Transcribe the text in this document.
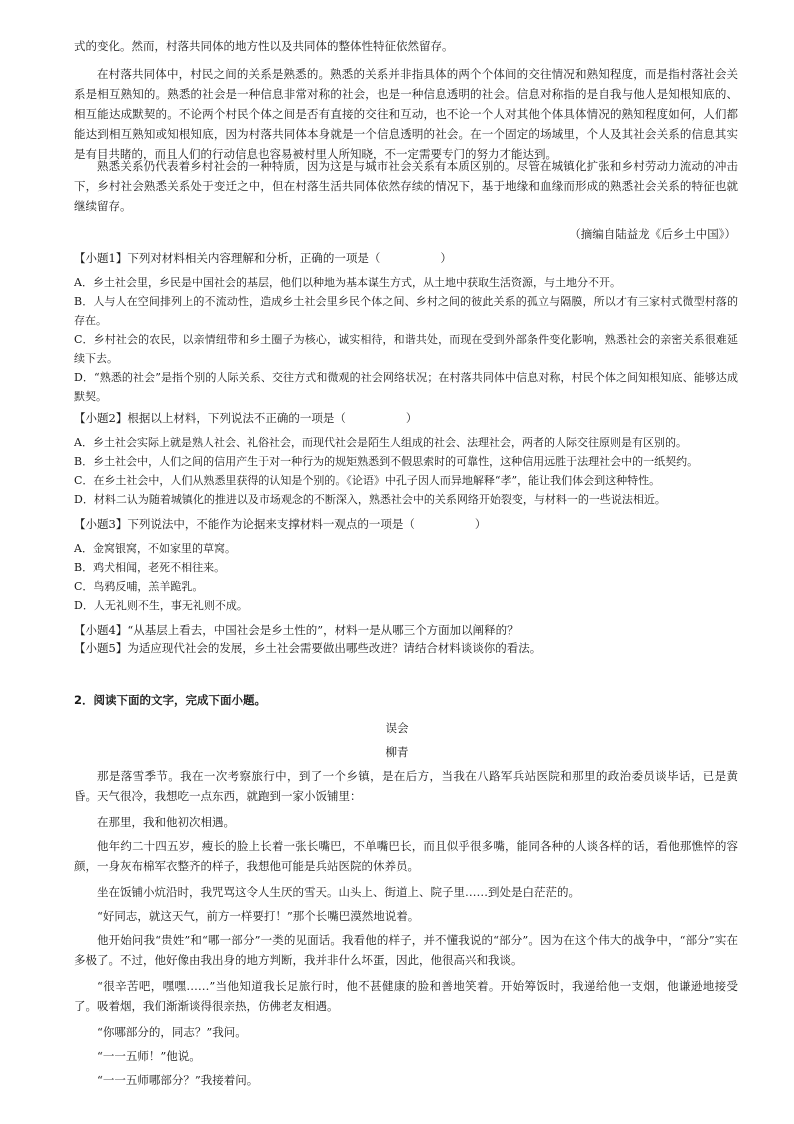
式的变化。然而，村落共同体的地方性以及共同体的整体性特征依然留存。

在村落共同体中，村民之间的关系是熟悉的。熟悉的关系并非指具体的两个个体间的交往情况和熟知程度，而是指村落社会关系是相互熟知的。熟悉的社会是一种信息非常对称的社会，也是一种信息透明的社会。信息对称指的是自我与他人是知根知底的、相互能达成默契的。不论两个村民个体之间是否有直接的交往和互动，也不论一个人对其他个体具体情况的熟知程度如何，人们都能达到相互熟知或知根知底，因为村落共同体本身就是一个信息透明的社会。在一个固定的场域里，个人及其社会关系的信息其实是有目共睹的，而且人们的行动信息也容易被村里人所知晓，不一定需要专门的努力才能达到。

熟悉关系仍代表着乡村社会的一种特质，因为这是与城市社会关系有本质区别的。尽管在城镇化扩张和乡村劳动力流动的冲击下，乡村社会熟悉关系处于变迁之中，但在村落生活共同体依然存续的情况下，基于地缘和血缘而形成的熟悉社会关系的特征也就继续留存。

（摘编自陆益龙《后乡土中国》）

【小题1】下列对材料相关内容理解和分析，正确的一项是（	）

A．乡土社会里，乡民是中国社会的基层，他们以种地为基本谋生方式，从土地中获取生活资源，与土地分不开。

B．人与人在空间排列上的不流动性，造成乡土社会里乡民个体之间、乡村之间的彼此关系的孤立与隔膜，所以才有三家村式微型村落的存在。

C．乡村社会的农民，以亲情纽带和乡土圈子为核心，诚实相待，和谐共处，而现在受到外部条件变化影响，熟悉社会的亲密关系很难延续下去。

D．“熟悉的社会”是指个别的人际关系、交往方式和微观的社会网络状况；在村落共同体中信息对称，村民个体之间知根知底、能够达成默契。

【小题2】根据以上材料，下列说法不正确的一项是（	）

A．乡土社会实际上就是熟人社会、礼俗社会，而现代社会是陌生人组成的社会、法理社会，两者的人际交往原则是有区别的。

B．乡土社会中，人们之间的信用产生于对一种行为的规矩熟悉到不假思索时的可靠性，这种信用远胜于法理社会中的一纸契约。

C．在乡土社会中，人们从熟悉里获得的认知是个别的。《论语》中孔子因人而异地解释“孝”，能让我们体会到这种特性。

D．材料二认为随着城镇化的推进以及市场观念的不断深入，熟悉社会中的关系网络开始裂变，与材料一的一些说法相近。

【小题3】下列说法中，不能作为论据来支撑材料一观点的一项是（	）

A．金窝银窝，不如家里的草窝。

B．鸡犬相闻，老死不相往来。

C．鸟鸦反哺，羔羊跪乳。

D．人无礼则不生，事无礼则不成。

【小题4】“从基层上看去，中国社会是乡土性的”，材料一是从哪三个方面加以阐释的？

【小题5】为适应现代社会的发展，乡土社会需要做出哪些改进？请结合材料谈谈你的看法。

2．阅读下面的文字，完成下面小题。

误会

柳青

那是落雪季节。我在一次考察旅行中，到了一个乡镇，是在后方，当我在八路军兵站医院和那里的政治委员谈毕话，已是黄昏。天气很冷，我想吃一点东西，就跑到一家小饭铺里：

在那里，我和他初次相遇。

他年约二十四五岁，瘦长的脸上长着一张长嘴巴，不单嘴巴长，而且似乎很多嘴，能同各种的人谈各样的话，看他那憔悴的容颜，一身灰布棉军衣整齐的样子，我想他可能是兵站医院的休养员。

坐在饭铺小炕沿时，我咒骂这令人生厌的雪天。山头上、街道上、院子里……到处是白茫茫的。

“好同志，就这天气，前方一样要打！”那个长嘴巴漠然地说着。

他开始问我“贵姓”和“哪一部分”一类的见面话。我看他的样子，并不懂我说的“部分”。因为在这个伟大的战争中，“部分”实在多极了。不过，他好像由我出身的地方判断，我并非什么坏蛋，因此，他很高兴和我谈。

“很辛苦吧，嘿嘿……”当他知道我长足旅行时，他不甚健康的脸和善地笑着。开始筹饭时，我递给他一支烟，他谦逊地接受了。吸着烟，我们渐渐谈得很亲热，仿佛老友相遇。

“你哪部分的，同志？”我问。

“一一五师！”他说。

“一一五师哪部分？”我接着问。
